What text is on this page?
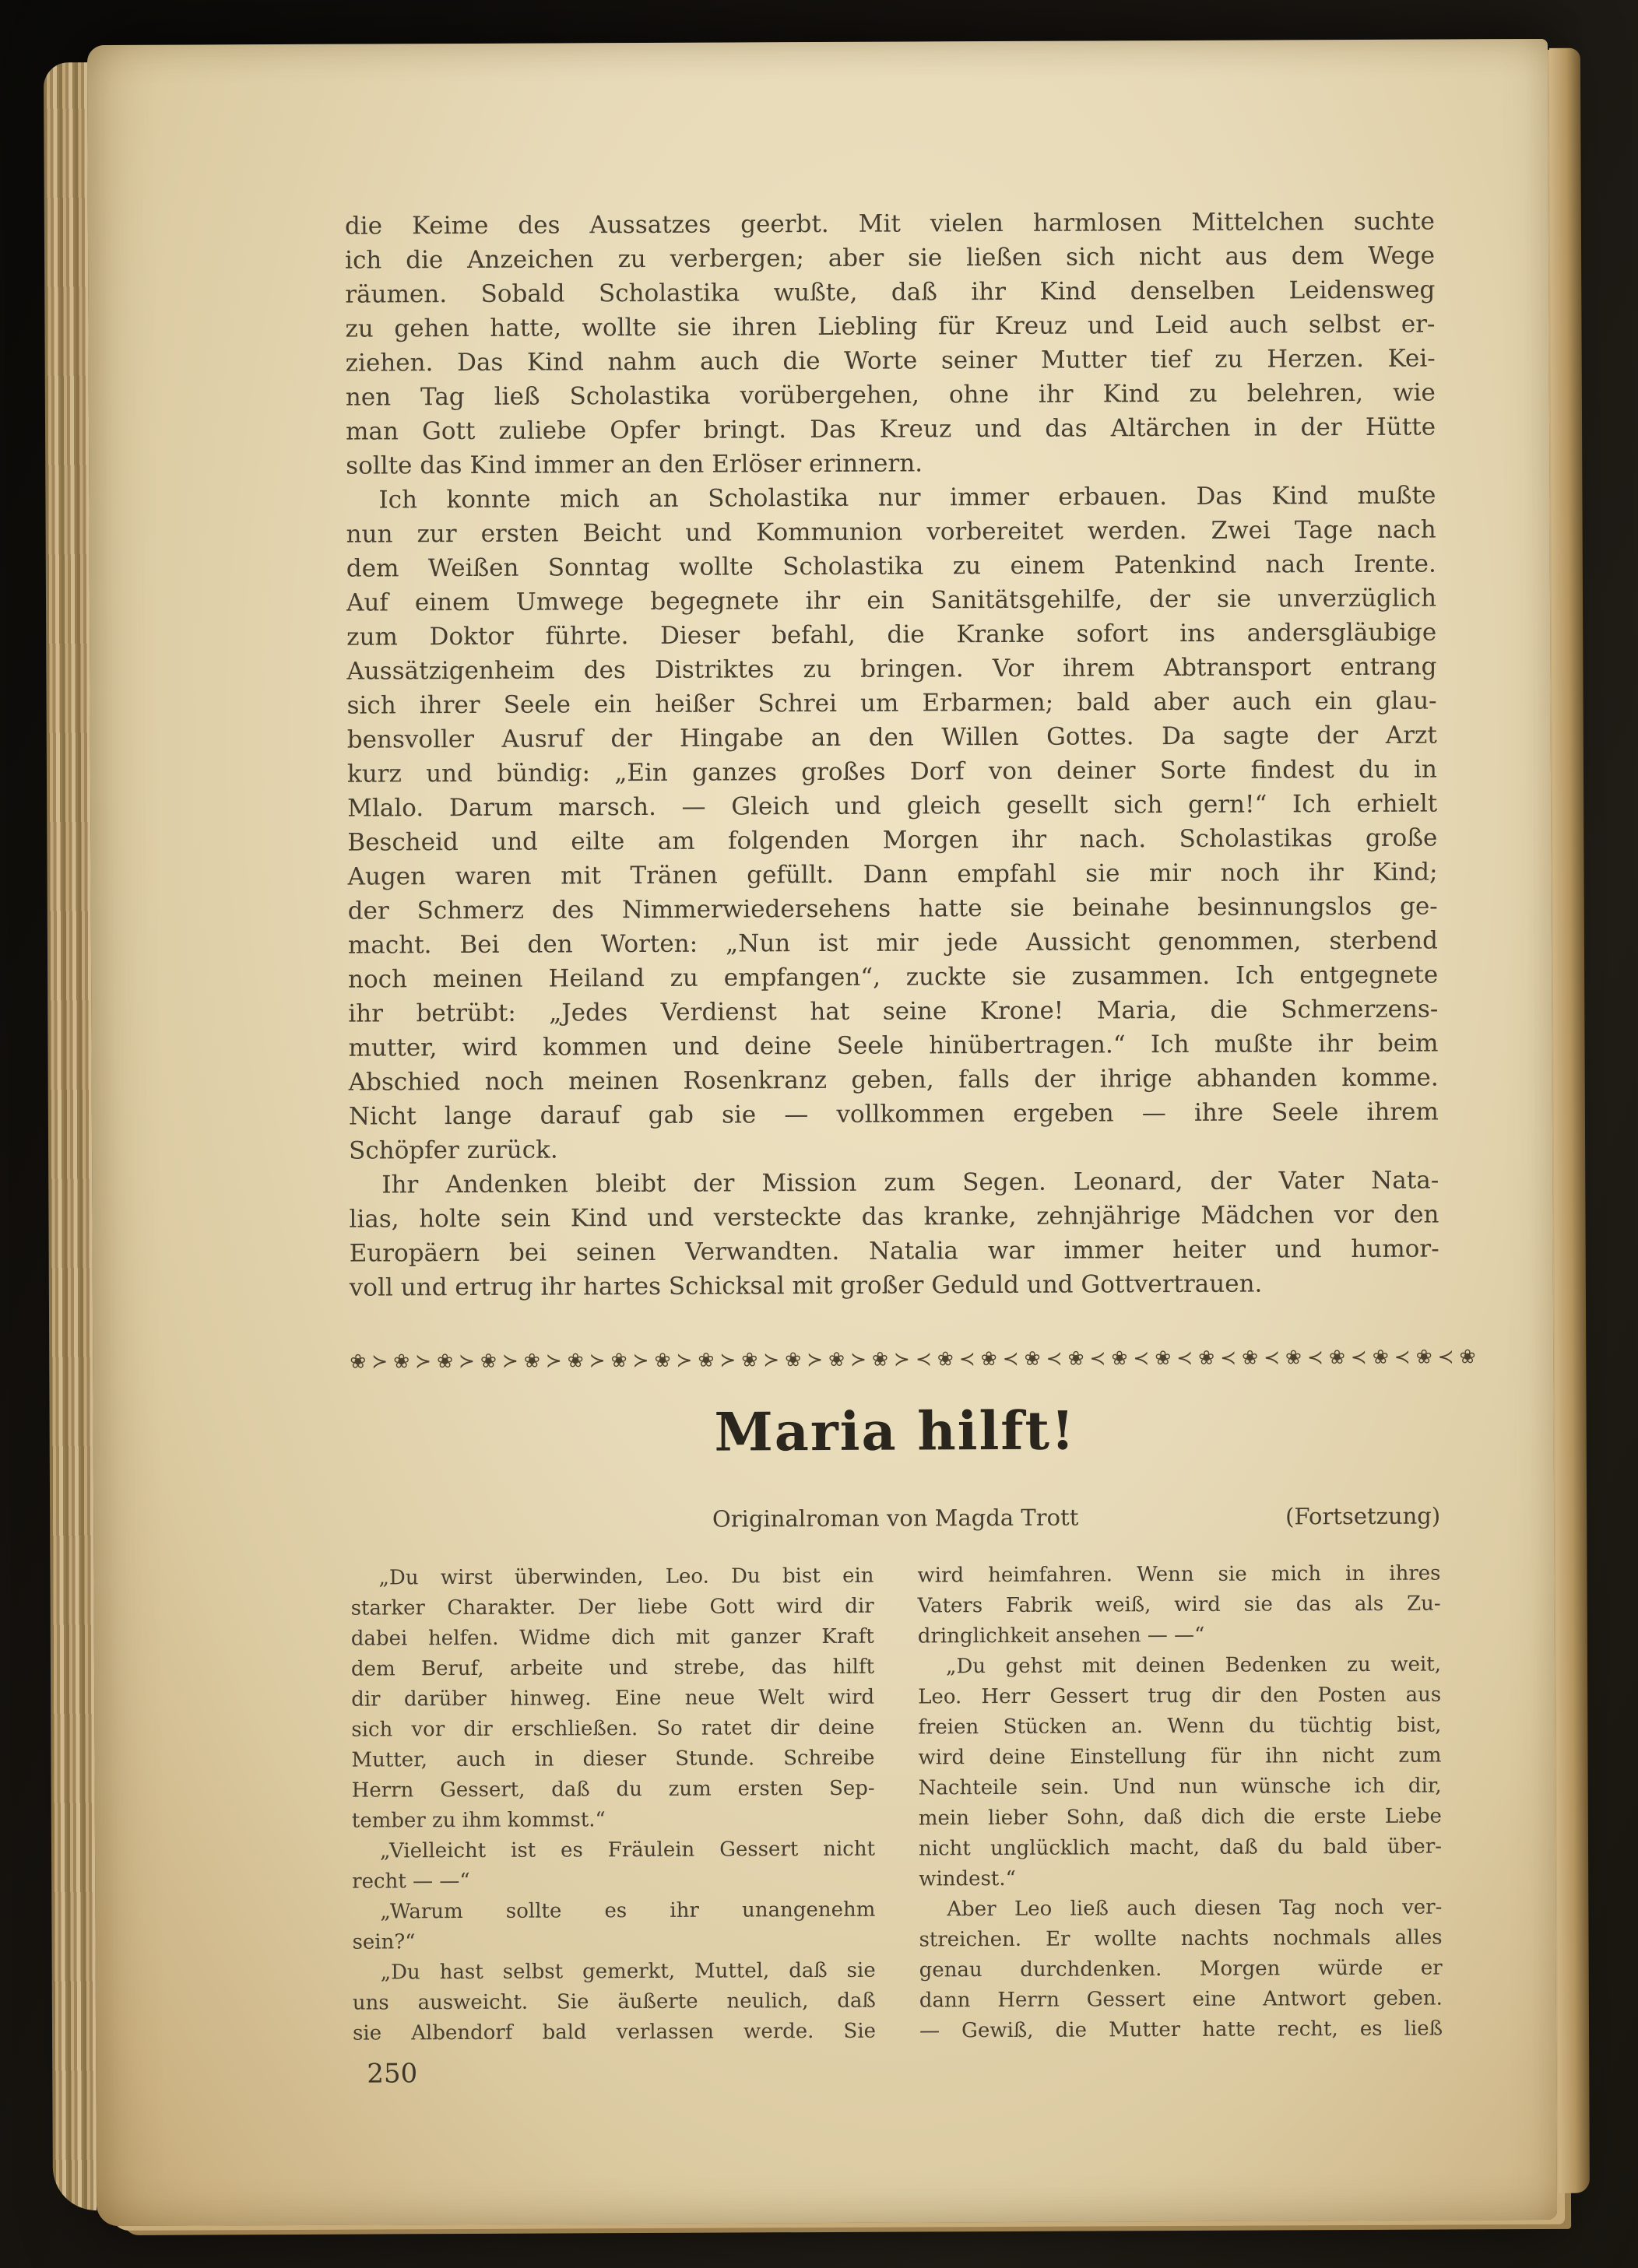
die Keime des Aussatzes geerbt. Mit vielen harmlosen Mittelchen suchte
ich die Anzeichen zu verbergen; aber sie ließen sich nicht aus dem Wege
räumen. Sobald Scholastika wußte, daß ihr Kind denselben Leidensweg
zu gehen hatte, wollte sie ihren Liebling für Kreuz und Leid auch selbst er-
ziehen. Das Kind nahm auch die Worte seiner Mutter tief zu Herzen. Kei-
nen Tag ließ Scholastika vorübergehen, ohne ihr Kind zu belehren, wie
man Gott zuliebe Opfer bringt. Das Kreuz und das Altärchen in der Hütte
sollte das Kind immer an den Erlöser erinnern.
Ich konnte mich an Scholastika nur immer erbauen. Das Kind mußte
nun zur ersten Beicht und Kommunion vorbereitet werden. Zwei Tage nach
dem Weißen Sonntag wollte Scholastika zu einem Patenkind nach Irente.
Auf einem Umwege begegnete ihr ein Sanitätsgehilfe, der sie unverzüglich
zum Doktor führte. Dieser befahl, die Kranke sofort ins andersgläubige
Aussätzigenheim des Distriktes zu bringen. Vor ihrem Abtransport entrang
sich ihrer Seele ein heißer Schrei um Erbarmen; bald aber auch ein glau-
bensvoller Ausruf der Hingabe an den Willen Gottes. Da sagte der Arzt
kurz und bündig: „Ein ganzes großes Dorf von deiner Sorte findest du in
Mlalo. Darum marsch. — Gleich und gleich gesellt sich gern!“ Ich erhielt
Bescheid und eilte am folgenden Morgen ihr nach. Scholastikas große
Augen waren mit Tränen gefüllt. Dann empfahl sie mir noch ihr Kind;
der Schmerz des Nimmerwiedersehens hatte sie beinahe besinnungslos ge-
macht. Bei den Worten: „Nun ist mir jede Aussicht genommen, sterbend
noch meinen Heiland zu empfangen“, zuckte sie zusammen. Ich entgegnete
ihr betrübt: „Jedes Verdienst hat seine Krone! Maria, die Schmerzens-
mutter, wird kommen und deine Seele hinübertragen.“ Ich mußte ihr beim
Abschied noch meinen Rosenkranz geben, falls der ihrige abhanden komme.
Nicht lange darauf gab sie — vollkommen ergeben — ihre Seele ihrem
Schöpfer zurück.
Ihr Andenken bleibt der Mission zum Segen. Leonard, der Vater Nata-
lias, holte sein Kind und versteckte das kranke, zehnjährige Mädchen vor den
Europäern bei seinen Verwandten. Natalia war immer heiter und humor-
voll und ertrug ihr hartes Schicksal mit großer Geduld und Gottvertrauen.
❀≻❀≻❀≻❀≻❀≻❀≻❀≻❀≻❀≻❀≻❀≻❀≻❀≻ ≺❀≺❀≺❀≺❀≺❀≺❀≺❀≺❀≺❀≺❀≺❀≺❀≺❀
Maria hilft!
Originalroman von Magda Trott	(Fortsetzung)
„Du wirst überwinden, Leo. Du bist ein
starker Charakter. Der liebe Gott wird dir
dabei helfen. Widme dich mit ganzer Kraft
dem Beruf, arbeite und strebe, das hilft
dir darüber hinweg. Eine neue Welt wird
sich vor dir erschließen. So ratet dir deine
Mutter, auch in dieser Stunde. Schreibe
Herrn Gessert, daß du zum ersten Sep-
tember zu ihm kommst.“
„Vielleicht ist es Fräulein Gessert nicht
recht — —“
„Warum sollte es ihr unangenehm
sein?“
„Du hast selbst gemerkt, Muttel, daß sie
uns ausweicht. Sie äußerte neulich, daß
sie Albendorf bald verlassen werde. Sie
wird heimfahren. Wenn sie mich in ihres
Vaters Fabrik weiß, wird sie das als Zu-
dringlichkeit ansehen — —“
„Du gehst mit deinen Bedenken zu weit,
Leo. Herr Gessert trug dir den Posten aus
freien Stücken an. Wenn du tüchtig bist,
wird deine Einstellung für ihn nicht zum
Nachteile sein. Und nun wünsche ich dir,
mein lieber Sohn, daß dich die erste Liebe
nicht unglücklich macht, daß du bald über-
windest.“
Aber Leo ließ auch diesen Tag noch ver-
streichen. Er wollte nachts nochmals alles
genau durchdenken. Morgen würde er
dann Herrn Gessert eine Antwort geben.
— Gewiß, die Mutter hatte recht, es ließ
250
